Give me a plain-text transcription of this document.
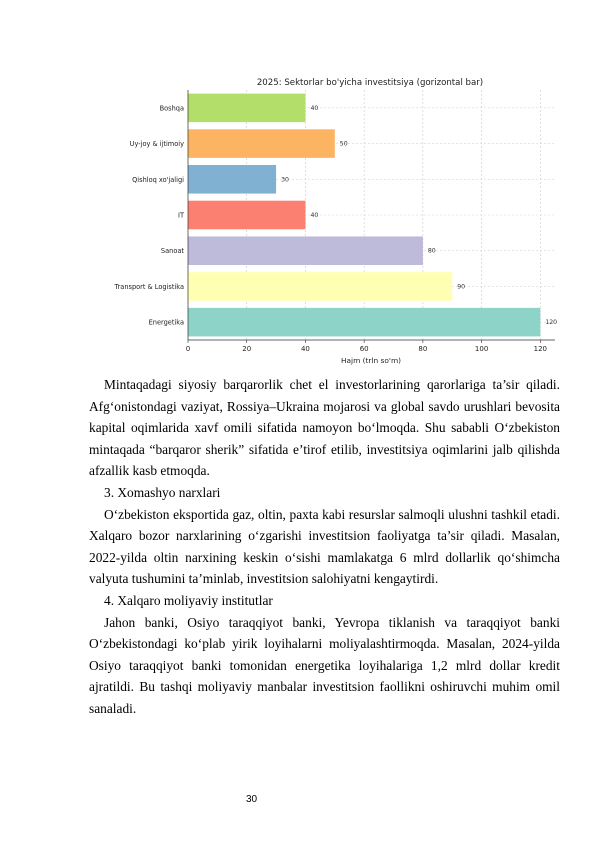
2025: Sektorlar bo'yicha investitsiya (gorizontal bar)
0	20	40	60	80	100	120
40
Boshqa
50
Uy-joy & ijtimoiy
30
Qishloq xo'jaligi
40
IT
80
Sanoat
90
Transport & Logistika
120
Energetika
Hajm (trln so'm)

Mintaqadagi siyosiy barqarorlik chet el investorlarining qarorlariga ta’sir qiladi. Afg‘onistondagi vaziyat, Rossiya–Ukraina mojarosi va global savdo urushlari bevosita kapital oqimlarida xavf omili sifatida namoyon bo‘lmoqda. Shu sababli O‘zbekiston mintaqada “barqaror sherik” sifatida e’tirof etilib, investitsiya oqimlarini jalb qilishda afzallik kasb etmoqda.

3. Xomashyo narxlari

O‘zbekiston eksportida gaz, oltin, paxta kabi resurslar salmoqli ulushni tashkil etadi. Xalqaro bozor narxlarining o‘zgarishi investitsion faoliyatga ta’sir qiladi. Masalan, 2022-yilda oltin narxining keskin o‘sishi mamlakatga 6 mlrd dollarlik qo‘shimcha valyuta tushumini ta’minlab, investitsion salohiyatni kengaytirdi.

4. Xalqaro moliyaviy institutlar

Jahon banki, Osiyo taraqqiyot banki, Yevropa tiklanish va taraqqiyot banki O‘zbekistondagi ko‘plab yirik loyihalarni moliyalashtirmoqda. Masalan, 2024-yilda Osiyo taraqqiyot banki tomonidan energetika loyihalariga 1,2 mlrd dollar kredit ajratildi. Bu tashqi moliyaviy manbalar investitsion faollikni oshiruvchi muhim omil sanaladi.

30
